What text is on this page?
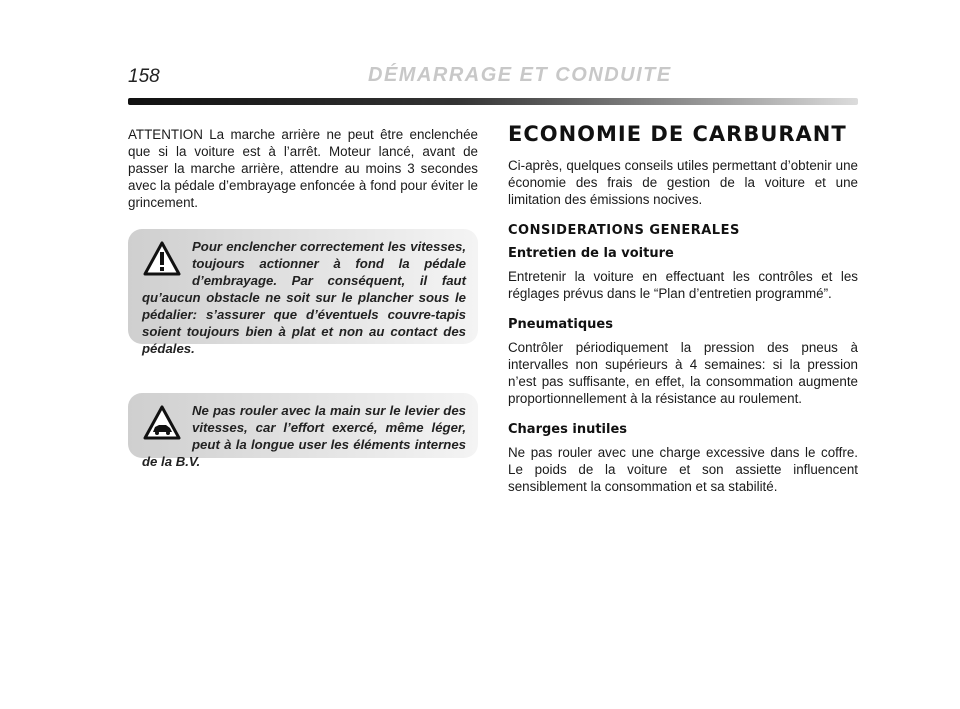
158	DÉMARRAGE ET CONDUITE

ATTENTION La marche arrière ne peut être enclenchée que si la voiture est à l’arrêt. Moteur lancé, avant de passer la marche arrière, attendre au moins 3 secondes avec la pédale d’embrayage enfoncée à fond pour éviter le grincement.

Pour enclencher correctement les vitesses, toujours actionner à fond la pédale d’embrayage. Par conséquent, il faut qu’aucun obstacle ne soit sur le plancher sous le pédalier: s’assurer que d’éventuels couvre-tapis soient toujours bien à plat et non au contact des pédales.
Ne pas rouler avec la main sur le levier des vitesses, car l’effort exercé, même léger, peut à la longue user les éléments internes de la B.V.
ECONOMIE DE CARBURANT

Ci-après, quelques conseils utiles permettant d’obtenir une économie des frais de gestion de la voiture et une limitation des émissions nocives.

CONSIDERATIONS GENERALES
Entretien de la voiture

Entretenir la voiture en effectuant les contrôles et les réglages prévus dans le “Plan d’entretien programmé”.

Pneumatiques

Contrôler périodiquement la pression des pneus à intervalles non supérieurs à 4 semaines: si la pression n’est pas suffisante, en effet, la consommation augmente proportionnellement à la résistance au roulement.

Charges inutiles

Ne pas rouler avec une charge excessive dans le coffre. Le poids de la voiture et son assiette influencent sensiblement la consommation et sa stabilité.
